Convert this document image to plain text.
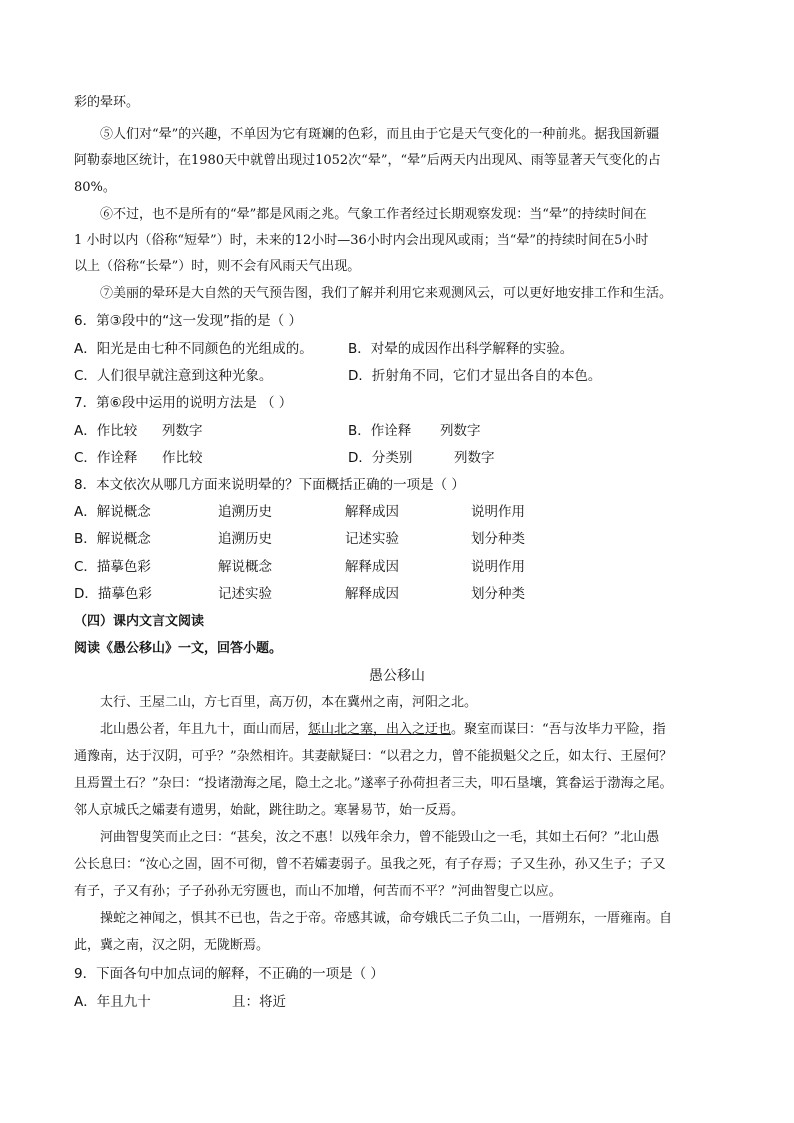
彩的晕环。
⑤人们对“晕”的兴趣，不单因为它有斑斓的色彩，而且由于它是天气变化的一种前兆。据我国新疆
阿勒泰地区统计，在1980天中就曾出现过1052次“晕”，“晕”后两天内出现风、雨等显著天气变化的占
80%。
⑥不过，也不是所有的“晕”都是风雨之兆。气象工作者经过长期观察发现：当“晕”的持续时间在
1 小时以内（俗称“短晕”）时，未来的12小时—36小时内会出现风或雨；当“晕”的持续时间在5小时
以上（俗称“长晕”）时，则不会有风雨天气出现。
⑦美丽的晕环是大自然的天气预告图，我们了解并利用它来观测风云，可以更好地安排工作和生活。
6．第③段中的“这一发现”指的是（ ）
A．阳光是由七种不同颜色的光组成的。	B．对晕的成因作出科学解释的实验。
C．人们很早就注意到这种光象。	D．折射角不同，它们才显出各自的本色。
7．第⑥段中运用的说明方法是 （ ）
A．作比较 列数字	B．作诠释 列数字
C．作诠释 作比较	D．分类别	列数字
8．本文依次从哪几方面来说明晕的？下面概括正确的一项是（ ）
A．解说概念	追溯历史	解释成因	说明作用
B．解说概念	追溯历史	记述实验	划分种类
C．描摹色彩	解说概念	解释成因	说明作用
D．描摹色彩	记述实验	解释成因	划分种类
（四）课内文言文阅读
阅读《愚公移山》一文，回答小题。
愚公移山
太行、王屋二山，方七百里，高万仞，本在冀州之南，河阳之北。
北山愚公者，年且九十，面山而居，惩山北之塞，出入之迂也。聚室而谋曰：“吾与汝毕力平险，指
通豫南，达于汉阴，可乎？”杂然相许。其妻献疑曰：“以君之力，曾不能损魁父之丘，如太行、王屋何？
且焉置土石？”杂曰：“投诸渤海之尾，隐土之北。”遂率子孙荷担者三夫，叩石垦壤，箕畚运于渤海之尾。
邻人京城氏之孀妻有遗男，始龀，跳往助之。寒暑易节，始一反焉。
河曲智叟笑而止之曰：“甚矣，汝之不惠！以残年余力，曾不能毁山之一毛，其如土石何？”北山愚
公长息曰：“汝心之固，固不可彻，曾不若孀妻弱子。虽我之死，有子存焉；子又生孙，孙又生子；子又
有子，子又有孙；子子孙孙无穷匮也，而山不加增，何苦而不平？”河曲智叟亡以应。
操蛇之神闻之，惧其不已也，告之于帝。帝感其诚，命夸娥氏二子负二山，一厝朔东，一厝雍南。自
此，冀之南，汉之阴，无陇断焉。
9．下面各句中加点词的解释，不正确的一项是（ ）
A．年且九十	且：将近
